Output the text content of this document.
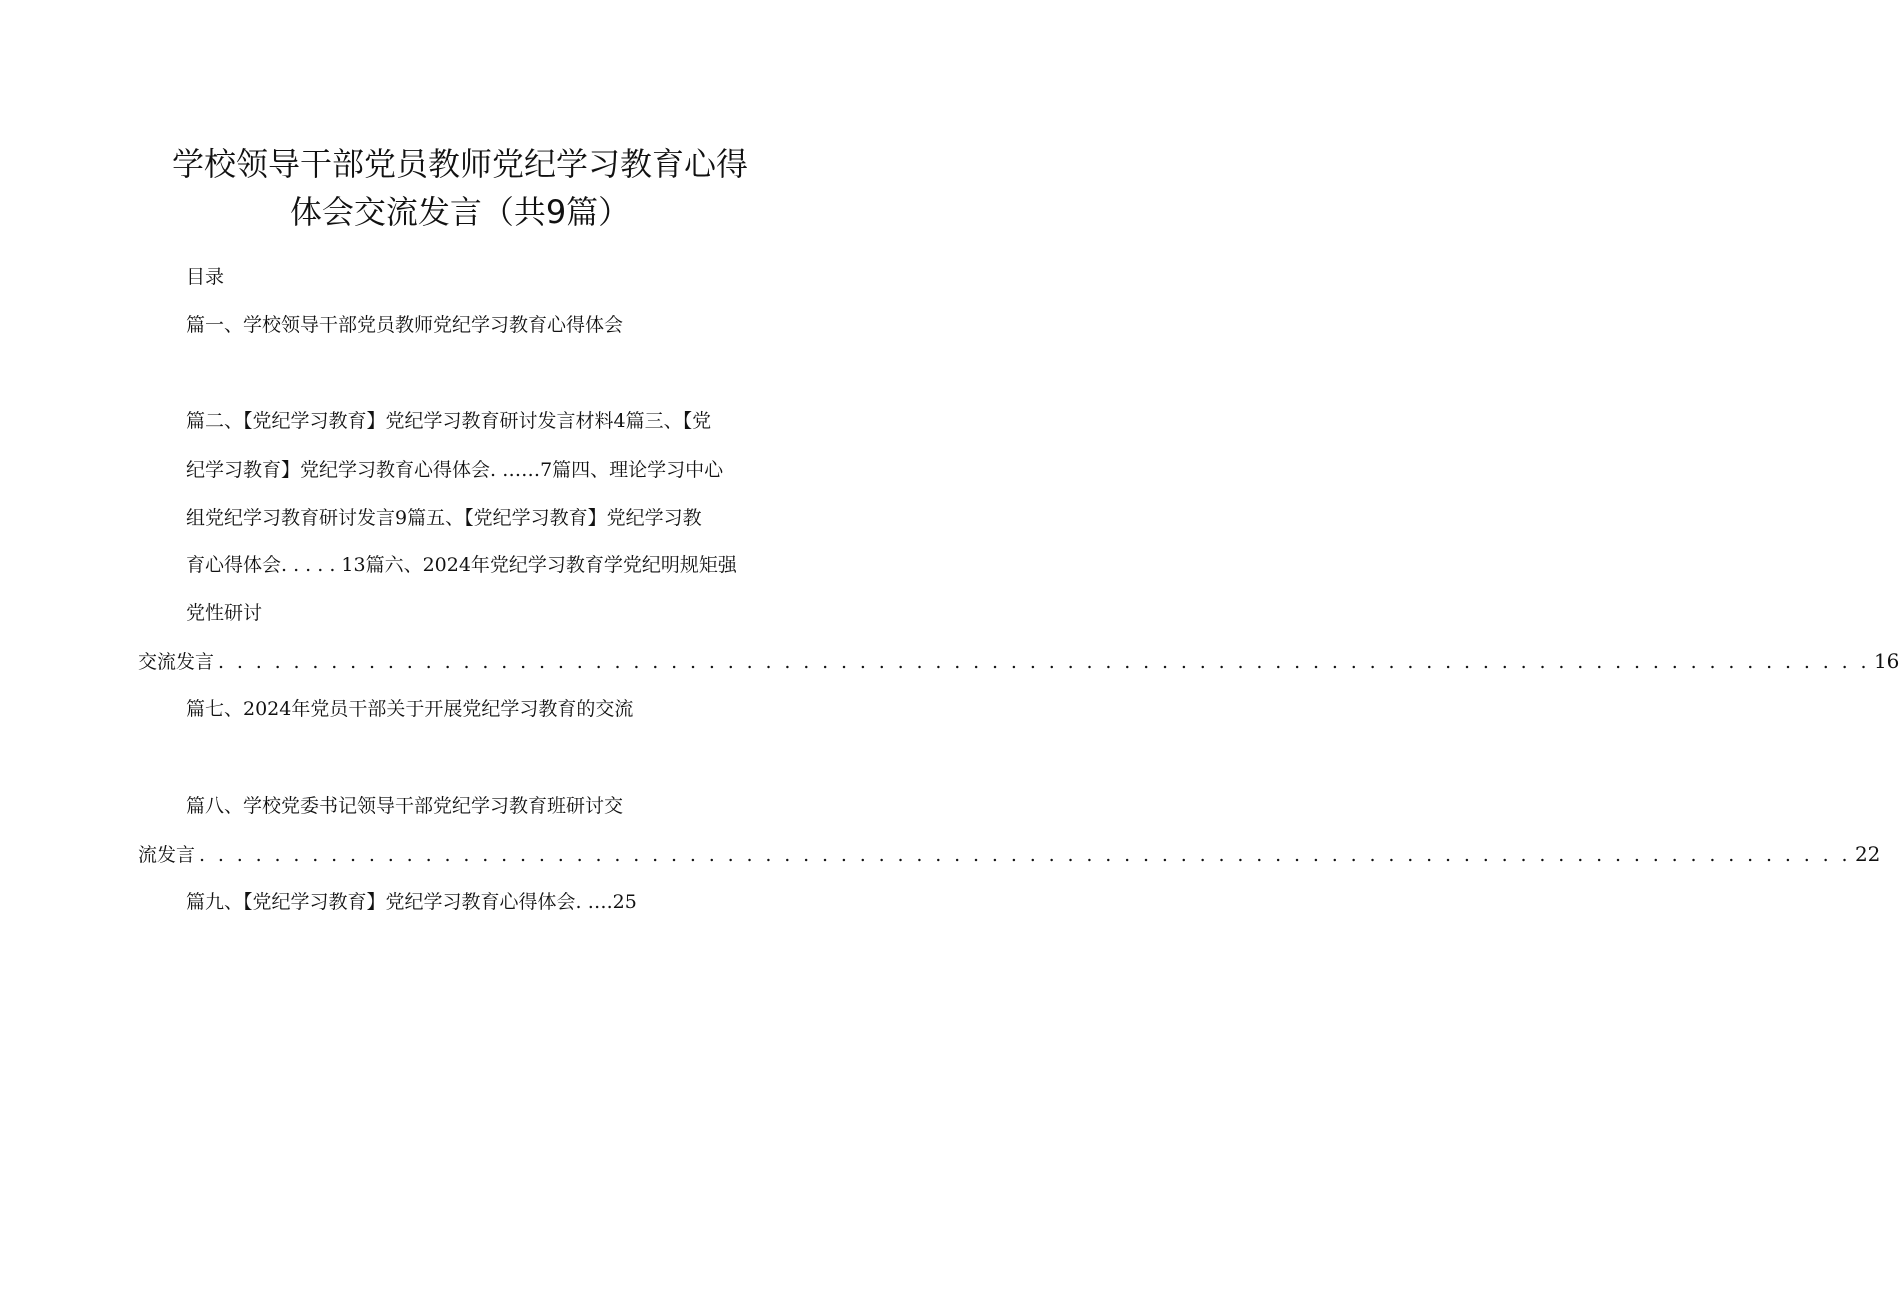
学校领导干部党员教师党纪学习教育心得
体会交流发言（共9篇）
目录
篇一、学校领导干部党员教师党纪学习教育心得体会
篇二、【党纪学习教育】党纪学习教育研讨发言材料4篇三、【党
纪学习教育】党纪学习教育心得体会. ……7篇四、理论学习中心
组党纪学习教育研讨发言9篇五、【党纪学习教育】党纪学习教
育心得体会. . . . . 13篇六、2024年党纪学习教育学党纪明规矩强
党性研讨
交流发言 . . . . . . . . . . . . . . . . . . . . . . . . . . . . . . . . . . . . . . . . . . . . . . . . . . . . . . . . . . . . . . . . . . . . . . . . . . . . . . . . . . . . . . . . 16
篇七、2024年党员干部关于开展党纪学习教育的交流
篇八、学校党委书记领导干部党纪学习教育班研讨交
流发言 . . . . . . . . . . . . . . . . . . . . . . . . . . . . . . . . . . . . . . . . . . . . . . . . . . . . . . . . . . . . . . . . . . . . . . . . . . . . . . . . . . . . . . . . 22
篇九、【党纪学习教育】党纪学习教育心得体会. ….25
